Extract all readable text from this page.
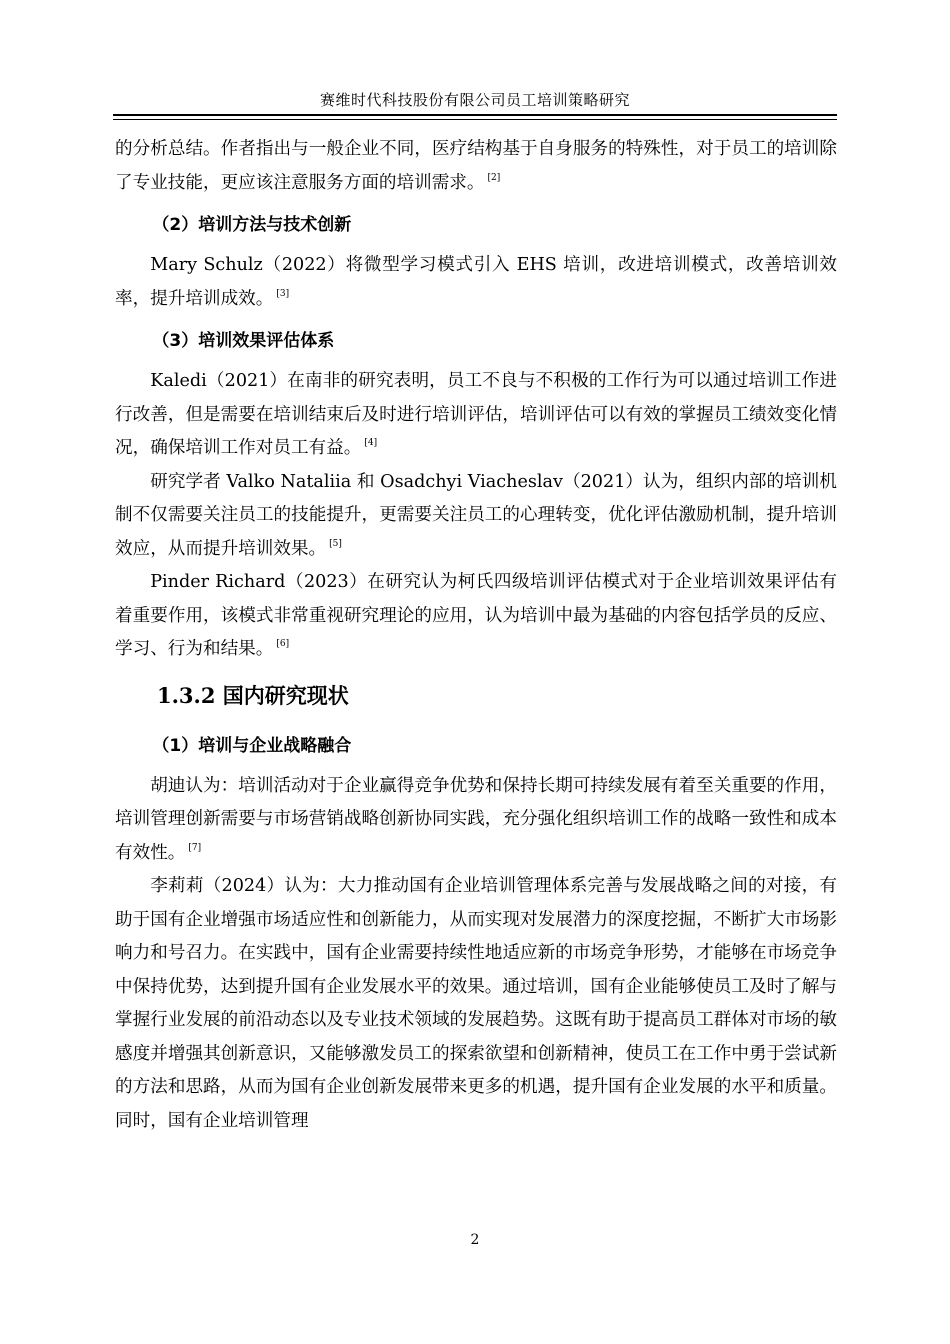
赛维时代科技股份有限公司员工培训策略研究

的分析总结。作者指出与一般企业不同，医疗结构基于自身服务的特殊性，对于员工的培训除了专业技能，更应该注意服务方面的培训需求。 [2]

（2）培训方法与技术创新

Mary Schulz（2022）将微型学习模式引入 EHS 培训，改进培训模式，改善培训效率，提升培训成效。 [3]

（3）培训效果评估体系

Kaledi（2021）在南非的研究表明，员工不良与不积极的工作行为可以通过培训工作进行改善，但是需要在培训结束后及时进行培训评估，培训评估可以有效的掌握员工绩效变化情况，确保培训工作对员工有益。 [4]

研究学者 Valko Nataliia 和 Osadchyi Viacheslav（2021）认为，组织内部的培训机制不仅需要关注员工的技能提升，更需要关注员工的心理转变，优化评估激励机制，提升培训效应，从而提升培训效果。 [5]

Pinder Richard（2023）在研究认为柯氏四级培训评估模式对于企业培训效果评估有着重要作用，该模式非常重视研究理论的应用，认为培训中最为基础的内容包括学员的反应、学习、行为和结果。 [6]

1.3.2 国内研究现状
（1）培训与企业战略融合

胡迪认为：培训活动对于企业赢得竞争优势和保持长期可持续发展有着至关重要的作用，培训管理创新需要与市场营销战略创新协同实践，充分强化组织培训工作的战略一致性和成本有效性。 [7]

李莉莉（2024）认为：大力推动国有企业培训管理体系完善与发展战略之间的对接，有助于国有企业增强市场适应性和创新能力，从而实现对发展潜力的深度挖掘，不断扩大市场影响力和号召力。在实践中，国有企业需要持续性地适应新的市场竞争形势，才能够在市场竞争中保持优势，达到提升国有企业发展水平的效果。通过培训，国有企业能够使员工及时了解与掌握行业发展的前沿动态以及专业技术领域的发展趋势。这既有助于提高员工群体对市场的敏感度并增强其创新意识，又能够激发员工的探索欲望和创新精神，使员工在工作中勇于尝试新的方法和思路，从而为国有企业创新发展带来更多的机遇，提升国有企业发展的水平和质量。同时，国有企业培训管理

2
